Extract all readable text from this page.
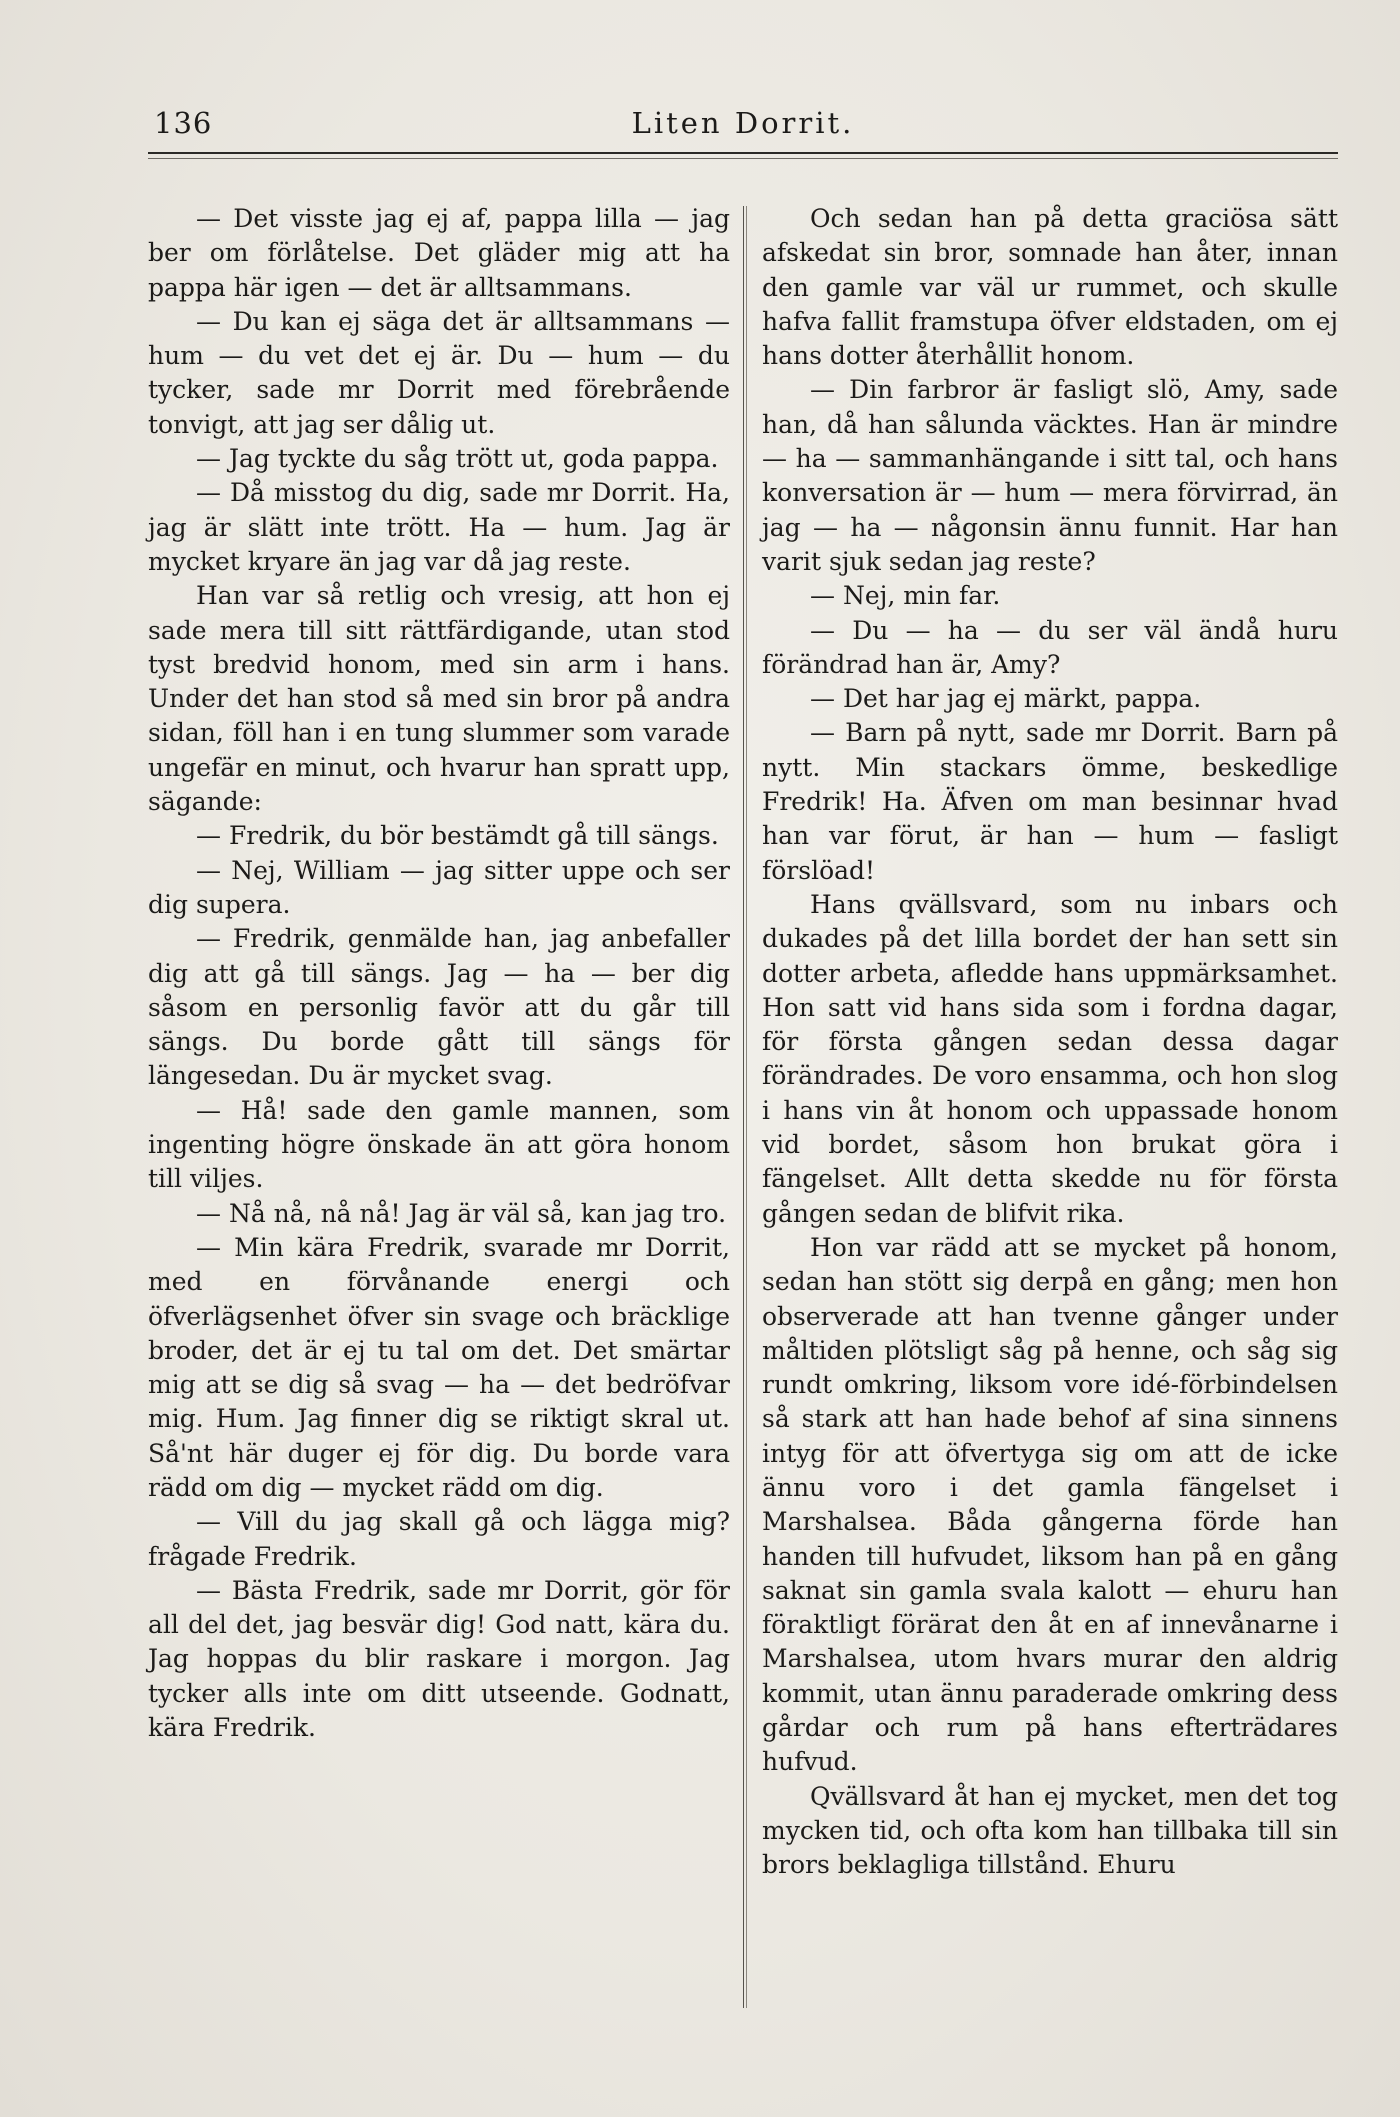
136	Liten Dorrit.

— Det visste jag ej af, pappa lilla — jag ber om förlåtelse. Det gläder mig att ha pappa här igen — det är alltsammans.

— Du kan ej säga det är alltsammans — hum — du vet det ej är. Du — hum — du tycker, sade mr Dorrit med förebrående tonvigt, att jag ser dålig ut.

— Jag tyckte du såg trött ut, goda pappa.

— Då misstog du dig, sade mr Dorrit. Ha, jag är slätt inte trött. Ha — hum. Jag är mycket kryare än jag var då jag reste.

Han var så retlig och vresig, att hon ej sade mera till sitt rättfärdigande, utan stod tyst bredvid honom, med sin arm i hans. Under det han stod så med sin bror på andra sidan, föll han i en tung slummer som varade ungefär en minut, och hvarur han spratt upp, sägande:

— Fredrik, du bör bestämdt gå till sängs.

— Nej, William — jag sitter uppe och ser dig supera.

— Fredrik, genmälde han, jag anbefaller dig att gå till sängs. Jag — ha — ber dig såsom en personlig favör att du går till sängs. Du borde gått till sängs för längesedan. Du är mycket svag.

— Hå! sade den gamle mannen, som ingenting högre önskade än att göra honom till viljes.

— Nå nå, nå nå! Jag är väl så, kan jag tro.

— Min kära Fredrik, svarade mr Dorrit, med en förvånande energi och öfverlägsenhet öfver sin svage och bräcklige broder, det är ej tu tal om det. Det smärtar mig att se dig så svag — ha — det bedröfvar mig. Hum. Jag finner dig se riktigt skral ut. Så'nt här duger ej för dig. Du borde vara rädd om dig — mycket rädd om dig.

— Vill du jag skall gå och lägga mig? frågade Fredrik.

— Bästa Fredrik, sade mr Dorrit, gör för all del det, jag besvär dig! God natt, kära du. Jag hoppas du blir raskare i morgon. Jag tycker alls inte om ditt utseende. Godnatt, kära Fredrik.

Och sedan han på detta graciösa sätt afskedat sin bror, somnade han åter, innan den gamle var väl ur rummet, och skulle hafva fallit framstupa öfver eldstaden, om ej hans dotter återhållit honom.

— Din farbror är fasligt slö, Amy, sade han, då han sålunda väcktes. Han är mindre — ha — sammanhängande i sitt tal, och hans konversation är — hum — mera förvirrad, än jag — ha — någonsin ännu funnit. Har han varit sjuk sedan jag reste?

— Nej, min far.

— Du — ha — du ser väl ändå huru förändrad han är, Amy?

— Det har jag ej märkt, pappa.

— Barn på nytt, sade mr Dorrit. Barn på nytt. Min stackars ömme, beskedlige Fredrik! Ha. Äfven om man besinnar hvad han var förut, är han — hum — fasligt förslöad!

Hans qvällsvard, som nu inbars och dukades på det lilla bordet der han sett sin dotter arbeta, afledde hans uppmärksamhet. Hon satt vid hans sida som i fordna dagar, för första gången sedan dessa dagar förändrades. De voro ensamma, och hon slog i hans vin åt honom och uppassade honom vid bordet, såsom hon brukat göra i fängelset. Allt detta skedde nu för första gången sedan de blifvit rika.

Hon var rädd att se mycket på honom, sedan han stött sig derpå en gång; men hon observerade att han tvenne gånger under måltiden plötsligt såg på henne, och såg sig rundt omkring, liksom vore idé-förbindelsen så stark att han hade behof af sina sinnens intyg för att öfvertyga sig om att de icke ännu voro i det gamla fängelset i Marshalsea. Båda gångerna förde han handen till hufvudet, liksom han på en gång saknat sin gamla svala kalott — ehuru han föraktligt förärat den åt en af innevånarne i Marshalsea, utom hvars murar den aldrig kommit, utan ännu paraderade omkring dess gårdar och rum på hans efterträdares hufvud.

Qvällsvard åt han ej mycket, men det tog mycken tid, och ofta kom han tillbaka till sin brors beklagliga tillstånd. Ehuru
